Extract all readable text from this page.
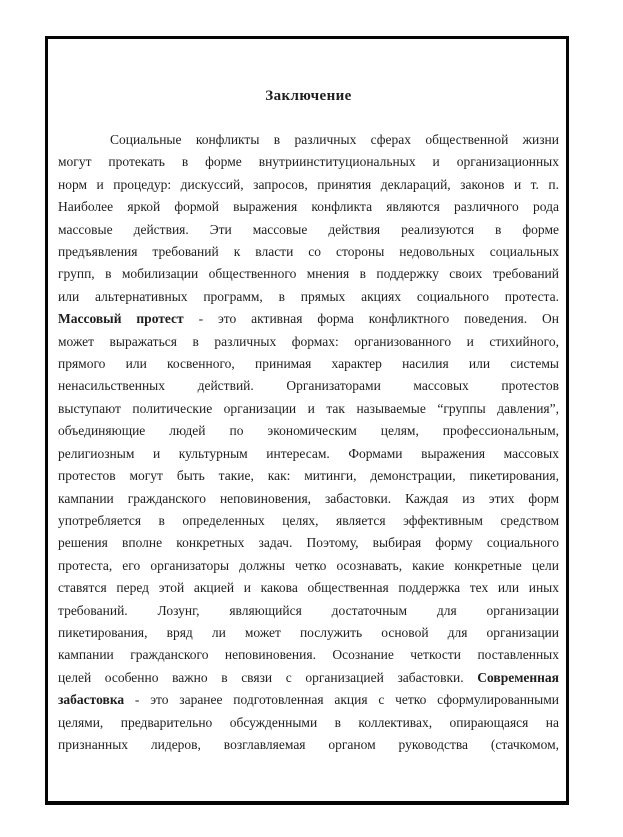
Заключение
Социальные конфликты в различных сферах общественной жизни
могут протекать в форме внутриинституциональных и организационных
норм и процедур: дискуссий, запросов, принятия деклараций, законов и т. п.
Наиболее яркой формой выражения конфликта являются различного рода
массовые действия. Эти массовые действия реализуются в форме
предъявления требований к власти со стороны недовольных социальных
групп, в мобилизации общественного мнения в поддержку своих требований
или альтернативных программ, в прямых акциях социального протеста.
Массовый протест - это активная форма конфликтного поведения. Он
может выражаться в различных формах: организованного и стихийного,
прямого или косвенного, принимая характер насилия или системы
ненасильственных действий. Организаторами массовых протестов
выступают политические организации и так называемые “группы давления”,
объединяющие людей по экономическим целям, профессиональным,
религиозным и культурным интересам. Формами выражения массовых
протестов могут быть такие, как: митинги, демонстрации, пикетирования,
кампании гражданского неповиновения, забастовки. Каждая из этих форм
употребляется в определенных целях, является эффективным средством
решения вполне конкретных задач. Поэтому, выбирая форму социального
протеста, его организаторы должны четко осознавать, какие конкретные цели
ставятся перед этой акцией и какова общественная поддержка тех или иных
требований. Лозунг, являющийся достаточным для организации
пикетирования, вряд ли может послужить основой для организации
кампании гражданского неповиновения. Осознание четкости поставленных
целей особенно важно в связи с организацией забастовки. Современная
забастовка - это заранее подготовленная акция с четко сформулированными
целями, предварительно обсужденными в коллективах, опирающаяся на
признанных лидеров, возглавляемая органом руководства (стачкомом,
